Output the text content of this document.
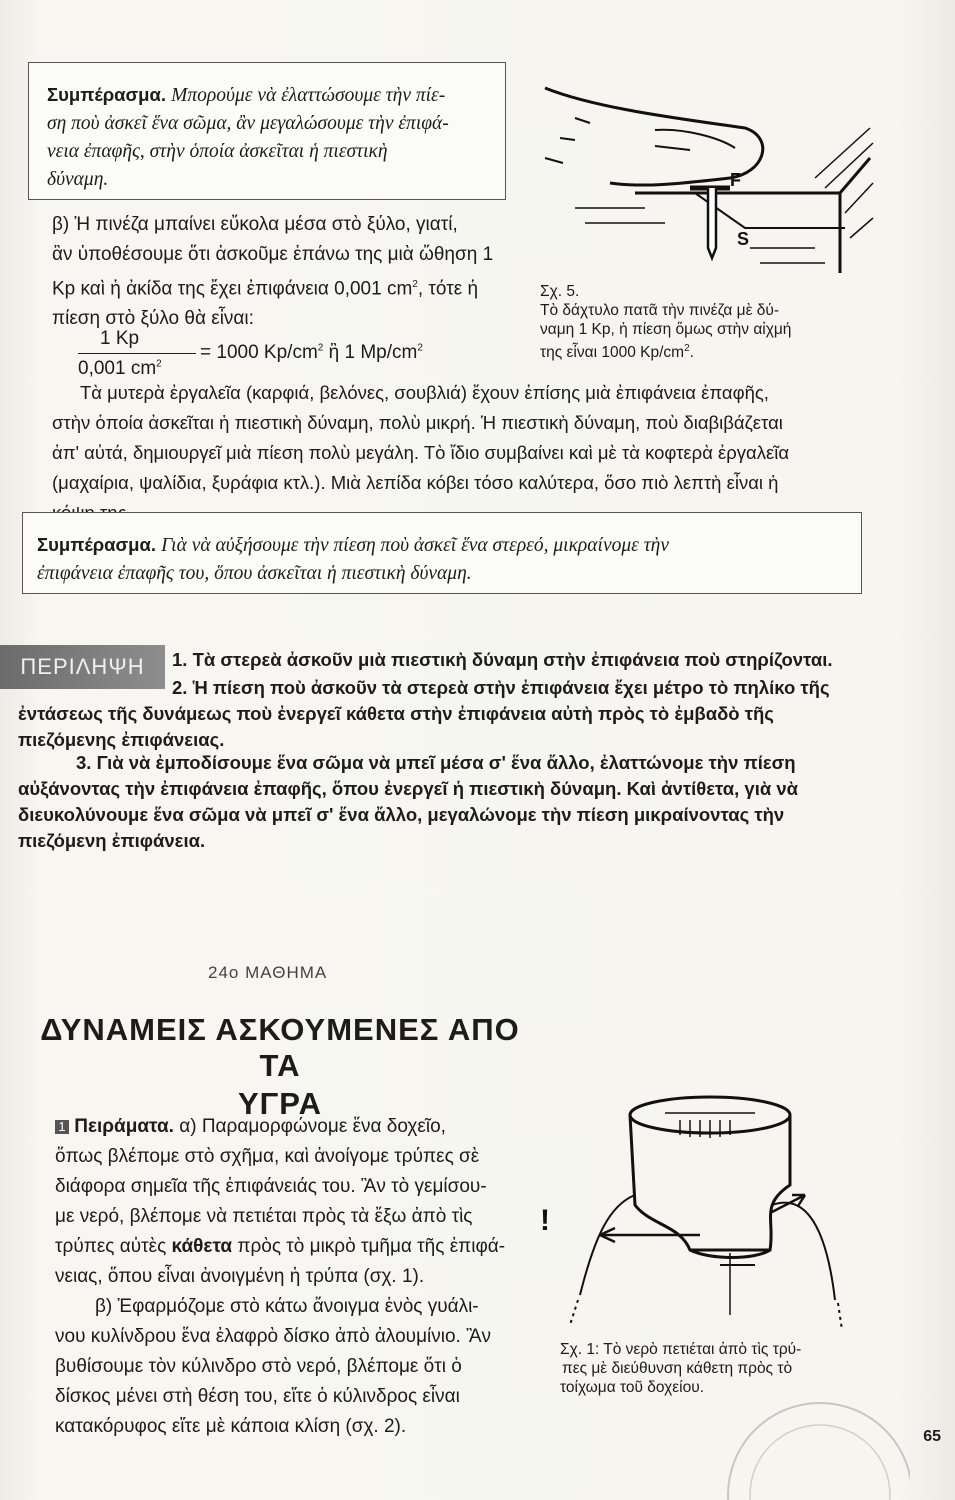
Συμπέρασμα. Μπορούμε νὰ ἐλαττώσουμε τὴν πίε-
ση ποὺ ἀσκεῖ ἕνα σῶμα, ἂν μεγαλώσουμε τὴν ἐπιφά-
νεια ἐπαφῆς, στὴν ὁποία ἀσκεῖται ἡ πιεστικὴ
δύναμη.	F
S
Σχ. 5.
Τὸ δάχτυλο πατᾶ τὴν πινέζα μὲ δύ-
ναμη 1 Kp, ἡ πίεση ὅμως στὴν αἰχμή
της εἶναι 1000 $Kp/cm^2$.
β) Ἡ πινέζα μπαίνει εὔκολα μέσα στὸ ξύλο, γιατί,
ἂν ὑποθέσουμε ὅτι ἀσκοῦμε ἐπάνω της μιὰ ὤθηση 1
Kp καὶ ἡ ἀκίδα της ἔχει ἐπιφάνεια 0,001 $cm^2$, τότε ἡ
πίεση στὸ ξύλο θὰ εἶναι:
1 Kp
0,001 $cm^2$
= 1000 $Kp/cm^2$ ἢ 1 $Mp/cm^2$
Τὰ μυτερὰ ἐργαλεῖα (καρφιά, βελόνες, σουβλιά) ἔχουν ἐπίσης μιὰ ἐπιφάνεια ἐπαφῆς,
στὴν ὁποία ἀσκεῖται ἡ πιεστικὴ δύναμη, πολὺ μικρή. Ἡ πιεστικὴ δύναμη, ποὺ διαβιβάζεται
ἀπ' αὐτά, δημιουργεῖ μιὰ πίεση πολὺ μεγάλη. Τὸ ἴδιο συμβαίνει καὶ μὲ τὰ κοφτερὰ ἐργαλεῖα
(μαχαίρια, ψαλίδια, ξυράφια κτλ.). Μιὰ λεπίδα κόβει τόσο καλύτερα, ὅσο πιὸ λεπτὴ εἶναι ἡ
Συμπέρασμα. Γιὰ νὰ αὐξήσουμε τὴν πίεση ποὺ ἀσκεῖ ἕνα στερεό, μικραίνομε τὴν
ἐπιφάνεια ἐπαφῆς του, ὅπου ἀσκεῖται ἡ πιεστικὴ δύναμη.
ΠΕΡΙΛΗΨΗ	1. Τὰ στερεὰ ἀσκοῦν μιὰ πιεστικὴ δύναμη στὴν ἐπιφάνεια ποὺ στηρίζονται.
2. Ἡ πίεση ποὺ ἀσκοῦν τὰ στερεὰ στὴν ἐπιφάνεια ἔχει μέτρο τὸ πηλίκο τῆς
ἐντάσεως τῆς δυνάμεως ποὺ ἐνεργεῖ κάθετα στὴν ἐπιφάνεια αὐτὴ πρὸς τὸ ἐμβαδὸ τῆς
πιεζόμενης ἐπιφάνειας.
3. Γιὰ νὰ ἐμποδίσουμε ἕνα σῶμα νὰ μπεῖ μέσα σ' ἕνα ἄλλο, ἐλαττώνομε τὴν πίεση
αὐξάνοντας τὴν ἐπιφάνεια ἐπαφῆς, ὅπου ἐνεργεῖ ἡ πιεστικὴ δύναμη. Καὶ ἀντίθετα, γιὰ νὰ
διευκολύνουμε ἕνα σῶμα νὰ μπεῖ σ' ἕνα ἄλλο, μεγαλώνομε τὴν πίεση μικραίνοντας τὴν
πιεζόμενη ἐπιφάνεια.
24ο ΜΑΘΗΜΑ
ΔΥΝΑΜΕΙΣ ΑΣΚΟΥΜΕΝΕΣ ΑΠΟ ΤΑ
ΥΓΡΑ
1 Πειράματα. α) Παραμορφώνομε ἕνα δοχεῖο,
ὅπως βλέπομε στὸ σχῆμα, καὶ ἀνοίγομε τρύπες σὲ
διάφορα σημεῖα τῆς ἐπιφάνειάς του. Ἂν τὸ γεμίσου-
με νερό, βλέπομε νὰ πετιέται πρὸς τὰ ἔξω ἀπὸ τὶς
τρύπες αὐτὲς κάθετα πρὸς τὸ μικρὸ τμῆμα τῆς ἐπιφά-
νειας, ὅπου εἶναι ἀνοιγμένη ἡ τρύπα (σχ. 1).
β) Ἐφαρμόζομε στὸ κάτω ἄνοιγμα ἑνὸς γυάλι-
νου κυλίνδρου ἕνα ἐλαφρὸ δίσκο ἀπὸ ἀλουμίνιο. Ἂν
βυθίσουμε τὸν κύλινδρο στὸ νερό, βλέπομε ὅτι ὁ
δίσκος μένει στὴ θέση του, εἴτε ὁ κύλινδρος εἶναι
κατακόρυφος εἴτε μὲ κάποια κλίση (σχ. 2).
!
Σχ. 1: Τὸ νερὸ πετιέται ἀπὸ τὶς τρύ-
πες μὲ διεύθυνση κάθετη πρὸς τὸ
τοίχωμα τοῦ δοχείου.
65
